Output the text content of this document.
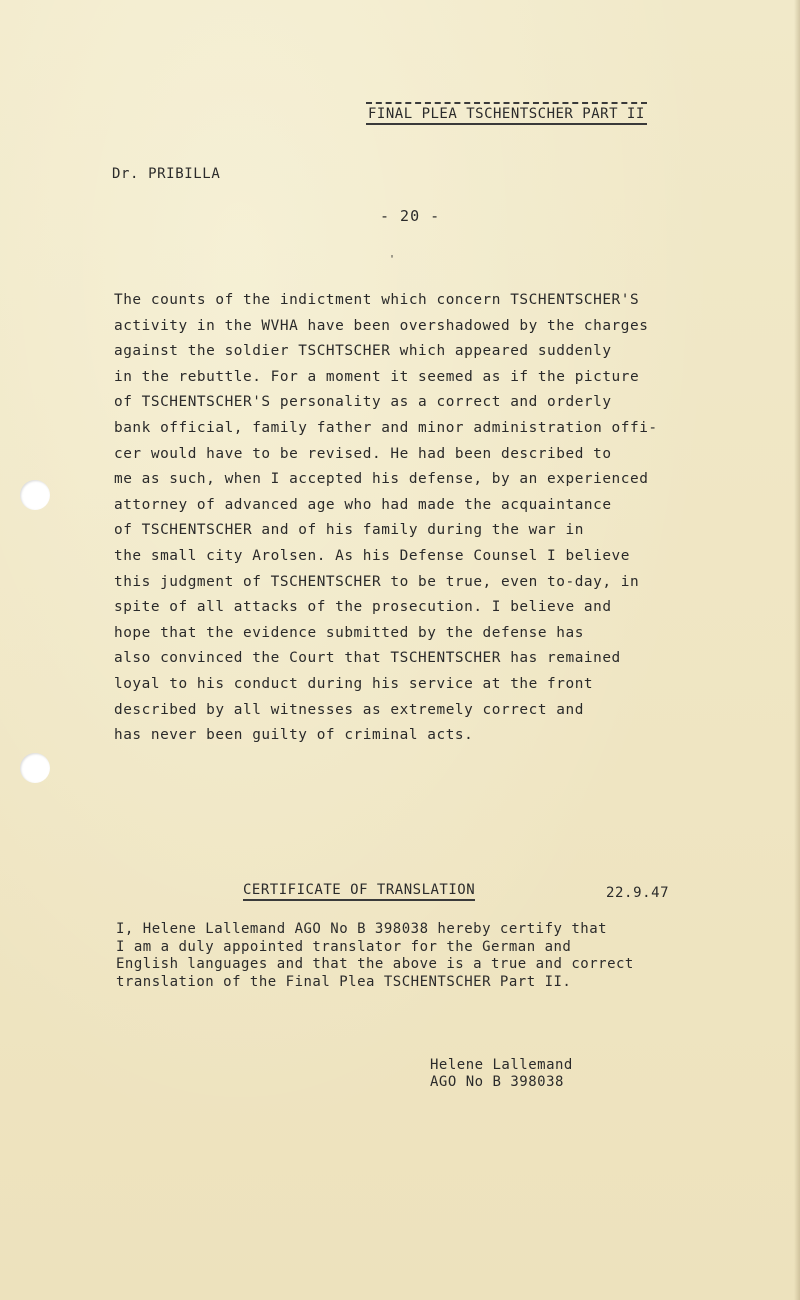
FINAL PLEA TSCHENTSCHER PART II
Dr. PRIBILLA
- 20 -
'
The counts of the indictment which concern TSCHENTSCHER'S
activity in the WVHA have been overshadowed by the charges
against the soldier TSCHTSCHER which appeared suddenly
in the rebuttle. For a moment it seemed as if the picture
of TSCHENTSCHER'S personality as a correct and orderly
bank official, family father and minor administration offi-
cer would have to be revised. He had been described to
me as such, when I accepted his defense, by an experienced
attorney of advanced age who had made the acquaintance
of TSCHENTSCHER and of his family during the war in
the small city Arolsen. As his Defense Counsel I believe
this judgment of TSCHENTSCHER to be true, even to-day, in
spite of all attacks of the prosecution. I believe and
hope that the evidence submitted by the defense has
also convinced the Court that TSCHENTSCHER has remained
loyal to his conduct during his service at the front
described by all witnesses as extremely correct and
has never been guilty of criminal acts.
CERTIFICATE OF TRANSLATION	22.9.47
I, Helene Lallemand AGO No B 398038 hereby certify that
I am a duly appointed translator for the German and
English languages and that the above is a true and correct
translation of the Final Plea TSCHENTSCHER Part II.
Helene Lallemand
AGO No B 398038
